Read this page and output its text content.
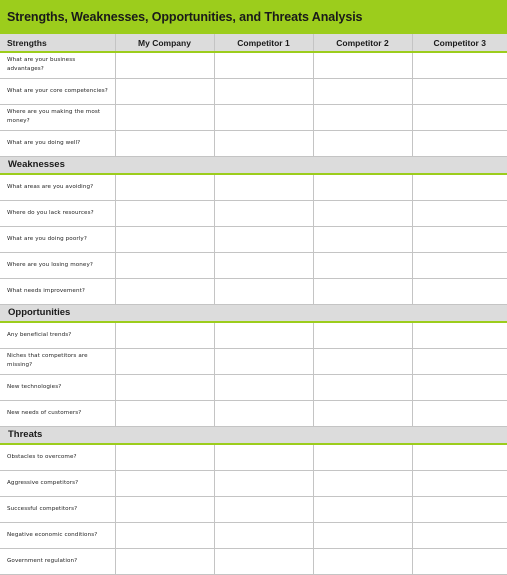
Strengths, Weaknesses, Opportunities, and Threats Analysis
Strengths	My Company	Competitor 1	Competitor 2	Competitor 3
What are your business advantages?				
What are your core competencies?				
Where are you making the most money?				
What are you doing well?				
Weaknesses				
What areas are you avoiding?				
Where do you lack resources?				
What are you doing poorly?				
Where are you losing money?				
What needs improvement?				
Opportunities				
Any beneficial trends?				
Niches that competitors are missing?				
New technologies?				
New needs of customers?				
Threats				
Obstacles to overcome?				
Aggressive competitors?				
Successful competitors?				
Negative economic conditions?				
Government regulation?				
